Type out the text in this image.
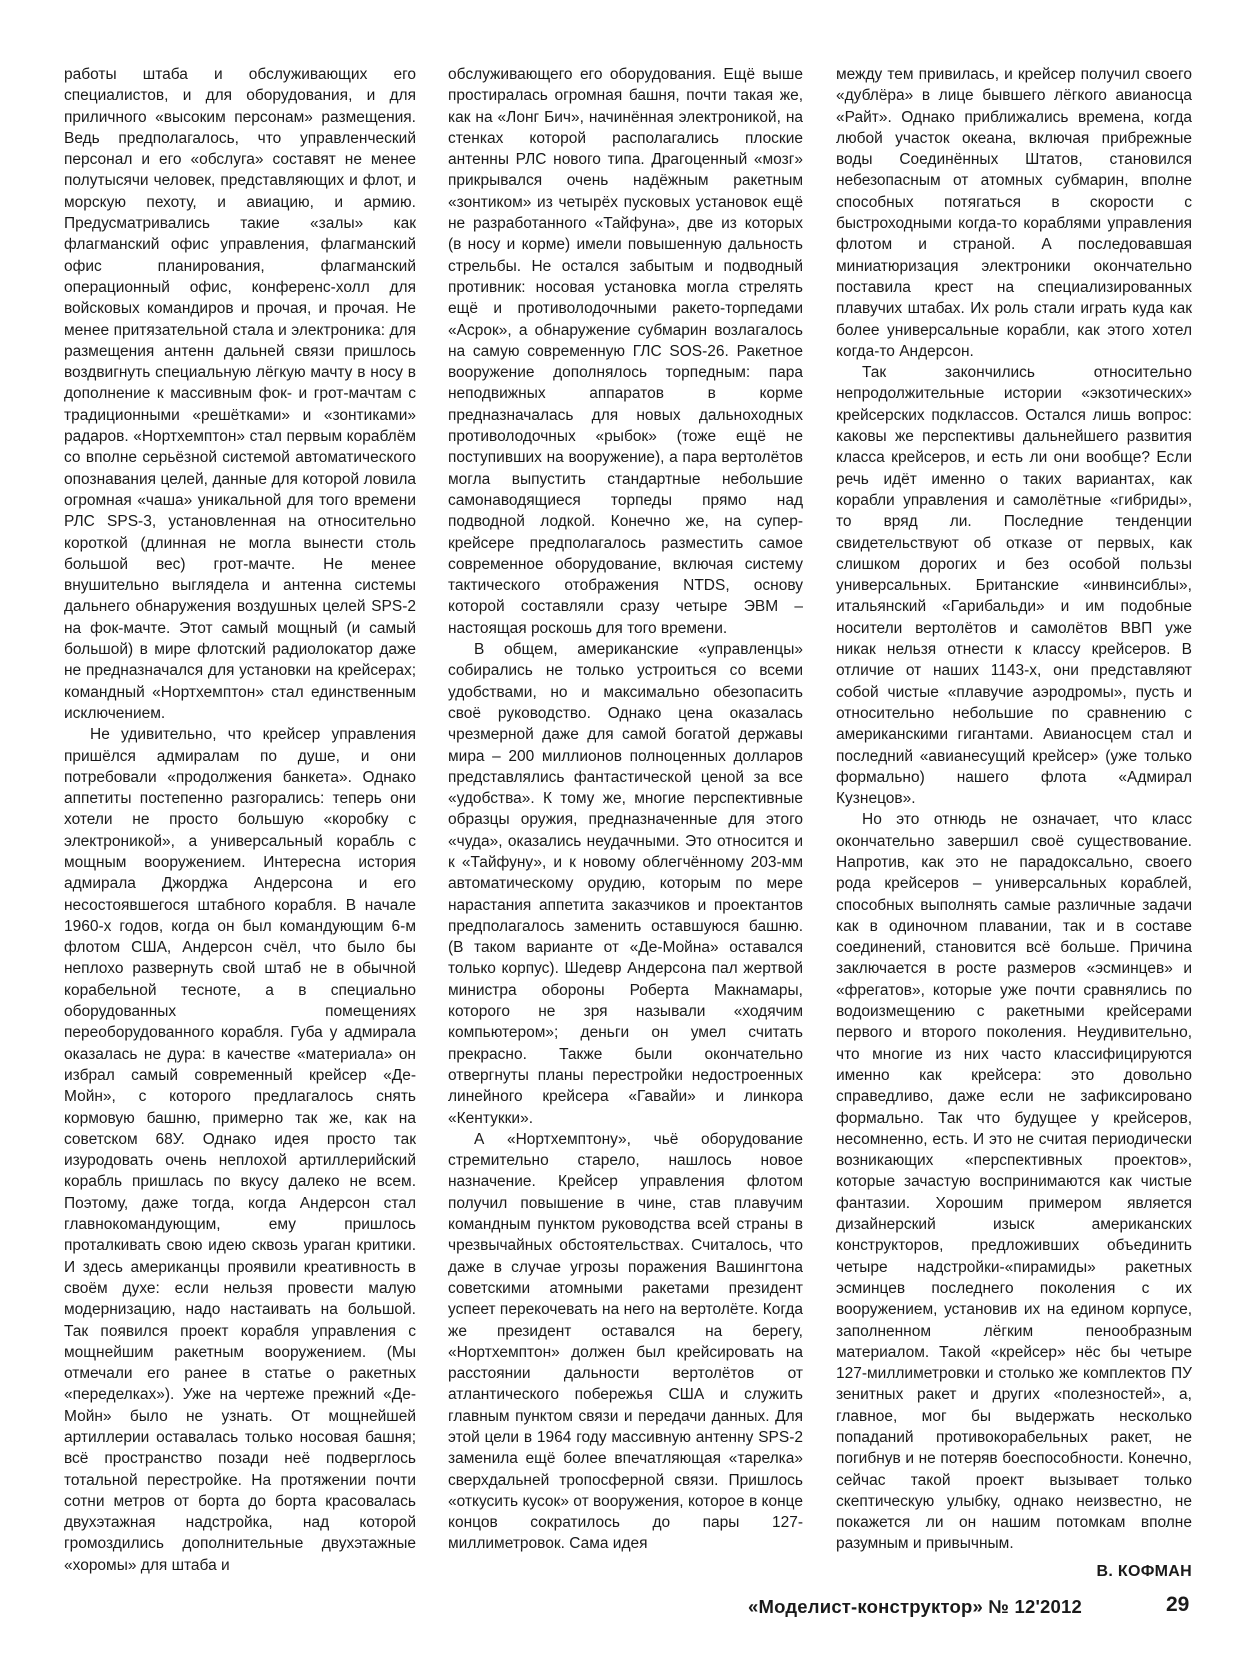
работы штаба и обслуживающих его специалистов, и для оборудования, и для приличного «высоким персонам» размещения. Ведь предполагалось, что управленческий персонал и его «обслуга» составят не менее полутысячи человек, представляющих и флот, и морскую пехоту, и авиацию, и армию. Предусматривались такие «залы» как флагманский офис управления, флагманский офис планирования, флагманский операционный офис, конференс-холл для войсковых командиров и прочая, и прочая. Не менее притязательной стала и электроника: для размещения антенн дальней связи пришлось воздвигнуть специальную лёгкую мачту в носу в дополнение к массивным фок- и грот-мачтам с традиционными «решётками» и «зонтиками» радаров. «Нортхемптон» стал первым кораблём со вполне серьёзной системой автоматического опознавания целей, данные для которой ловила огромная «чаша» уникальной для того времени РЛС SPS-3, установленная на относительно короткой (длинная не могла вынести столь большой вес) грот-мачте. Не менее внушительно выглядела и антенна системы дальнего обнаружения воздушных целей SPS-2 на фок-мачте. Этот самый мощный (и самый большой) в мире флотский радиолокатор даже не предназначался для установки на крейсерах; командный «Нортхемптон» стал единственным исключением.

Не удивительно, что крейсер управления пришёлся адмиралам по душе, и они потребовали «продолжения банкета». Однако аппетиты постепенно разгорались: теперь они хотели не просто большую «коробку с электроникой», а универсальный корабль с мощным вооружением. Интересна история адмирала Джорджа Андерсона и его несостоявшегося штабного корабля. В начале 1960-х годов, когда он был командующим 6-м флотом США, Андерсон счёл, что было бы неплохо развернуть свой штаб не в обычной корабельной тесноте, а в специально оборудованных помещениях переоборудованного корабля. Губа у адмирала оказалась не дура: в качестве «материала» он избрал самый современный крейсер «Де-Мойн», с которого предлагалось снять кормовую башню, примерно так же, как на советском 68У. Однако идея просто так изуродовать очень неплохой артиллерийский корабль пришлась по вкусу далеко не всем. Поэтому, даже тогда, когда Андерсон стал главнокомандующим, ему пришлось проталкивать свою идею сквозь ураган критики. И здесь американцы проявили креативность в своём духе: если нельзя провести малую модернизацию, надо настаивать на большой. Так появился проект корабля управления с мощнейшим ракетным вооружением. (Мы отмечали его ранее в статье о ракетных «переделках»). Уже на чертеже прежний «Де-Мойн» было не узнать. От мощнейшей артиллерии оставалась только носовая башня; всё пространство позади неё подверглось тотальной перестройке. На протяжении почти сотни метров от борта до борта красовалась двухэтажная надстройка, над которой громоздились дополнительные двухэтажные «хоромы» для штаба и

обслуживающего его оборудования. Ещё выше простиралась огромная башня, почти такая же, как на «Лонг Бич», начинённая электроникой, на стенках которой располагались плоские антенны РЛС нового типа. Драгоценный «мозг» прикрывался очень надёжным ракетным «зонтиком» из четырёх пусковых установок ещё не разработанного «Тайфуна», две из которых (в носу и корме) имели повышенную дальность стрельбы. Не остался забытым и подводный противник: носовая установка могла стрелять ещё и противолодочными ракето-торпедами «Асрок», а обнаружение субмарин возлагалось на самую современную ГЛС SOS-26. Ракетное вооружение дополнялось торпедным: пара неподвижных аппаратов в корме предназначалась для новых дальноходных противолодочных «рыбок» (тоже ещё не поступивших на вооружение), а пара вертолётов могла выпустить стандартные небольшие самонаводящиеся торпеды прямо над подводной лодкой. Конечно же, на супер-крейсере предполагалось разместить самое современное оборудование, включая систему тактического отображения NTDS, основу которой составляли сразу четыре ЭВМ – настоящая роскошь для того времени.

В общем, американские «управленцы» собирались не только устроиться со всеми удобствами, но и максимально обезопасить своё руководство. Однако цена оказалась чрезмерной даже для самой богатой державы мира – 200 миллионов полноценных долларов представлялись фантастической ценой за все «удобства». К тому же, многие перспективные образцы оружия, предназначенные для этого «чуда», оказались неудачными. Это относится и к «Тайфуну», и к новому облегчённому 203-мм автоматическому орудию, которым по мере нарастания аппетита заказчиков и проектантов предполагалось заменить оставшуюся башню. (В таком варианте от «Де-Мойна» оставался только корпус). Шедевр Андерсона пал жертвой министра обороны Роберта Макнамары, которого не зря называли «ходячим компьютером»; деньги он умел считать прекрасно. Также были окончательно отвергнуты планы перестройки недостроенных линейного крейсера «Гавайи» и линкора «Кентукки».

А «Нортхемптону», чьё оборудование стремительно старело, нашлось новое назначение. Крейсер управления флотом получил повышение в чине, став плавучим командным пунктом руководства всей страны в чрезвычайных обстоятельствах. Считалось, что даже в случае угрозы поражения Вашингтона советскими атомными ракетами президент успеет перекочевать на него на вертолёте. Когда же президент оставался на берегу, «Нортхемптон» должен был крейсировать на расстоянии дальности вертолётов от атлантического побережья США и служить главным пунктом связи и передачи данных. Для этой цели в 1964 году массивную антенну SPS-2 заменила ещё более впечатляющая «тарелка» сверхдальней тропосферной связи. Пришлось «откусить кусок» от вооружения, которое в конце концов сократилось до пары 127-миллиметровок. Сама идея

между тем привилась, и крейсер получил своего «дублёра» в лице бывшего лёгкого авианосца «Райт». Однако приближались времена, когда любой участок океана, включая прибрежные воды Соединённых Штатов, становился небезопасным от атомных субмарин, вполне способных потягаться в скорости с быстроходными когда-то кораблями управления флотом и страной. А последовавшая миниатюризация электроники окончательно поставила крест на специализированных плавучих штабах. Их роль стали играть куда как более универсальные корабли, как этого хотел когда-то Андерсон.

Так закончились относительно непродолжительные истории «экзотических» крейсерских подклассов. Остался лишь вопрос: каковы же перспективы дальнейшего развития класса крейсеров, и есть ли они вообще? Если речь идёт именно о таких вариантах, как корабли управления и самолётные «гибриды», то вряд ли. Последние тенденции свидетельствуют об отказе от первых, как слишком дорогих и без особой пользы универсальных. Британские «инвинсиблы», итальянский «Гарибальди» и им подобные носители вертолётов и самолётов ВВП уже никак нельзя отнести к классу крейсеров. В отличие от наших 1143-х, они представляют собой чистые «плавучие аэродромы», пусть и относительно небольшие по сравнению с американскими гигантами. Авианосцем стал и последний «авианесущий крейсер» (уже только формально) нашего флота «Адмирал Кузнецов».

Но это отнюдь не означает, что класс окончательно завершил своё существование. Напротив, как это не парадоксально, своего рода крейсеров – универсальных кораблей, способных выполнять самые различные задачи как в одиночном плавании, так и в составе соединений, становится всё больше. Причина заключается в росте размеров «эсминцев» и «фрегатов», которые уже почти сравнялись по водоизмещению с ракетными крейсерами первого и второго поколения. Неудивительно, что многие из них часто классифицируются именно как крейсера: это довольно справедливо, даже если не зафиксировано формально. Так что будущее у крейсеров, несомненно, есть. И это не считая периодически возникающих «перспективных проектов», которые зачастую воспринимаются как чистые фантазии. Хорошим примером является дизайнерский изыск американских конструкторов, предложивших объединить четыре надстройки-«пирамиды» ракетных эсминцев последнего поколения с их вооружением, установив их на едином корпусе, заполненном лёгким пенообразным материалом. Такой «крейсер» нёс бы четыре 127-миллиметровки и столько же комплектов ПУ зенитных ракет и других «полезностей», а, главное, мог бы выдержать несколько попаданий противокорабельных ракет, не погибнув и не потеряв боеспособности. Конечно, сейчас такой проект вызывает только скептическую улыбку, однако неизвестно, не покажется ли он нашим потомкам вполне разумным и привычным.

В. КОФМАН
«Моделист-конструктор» № 12'2012	29
